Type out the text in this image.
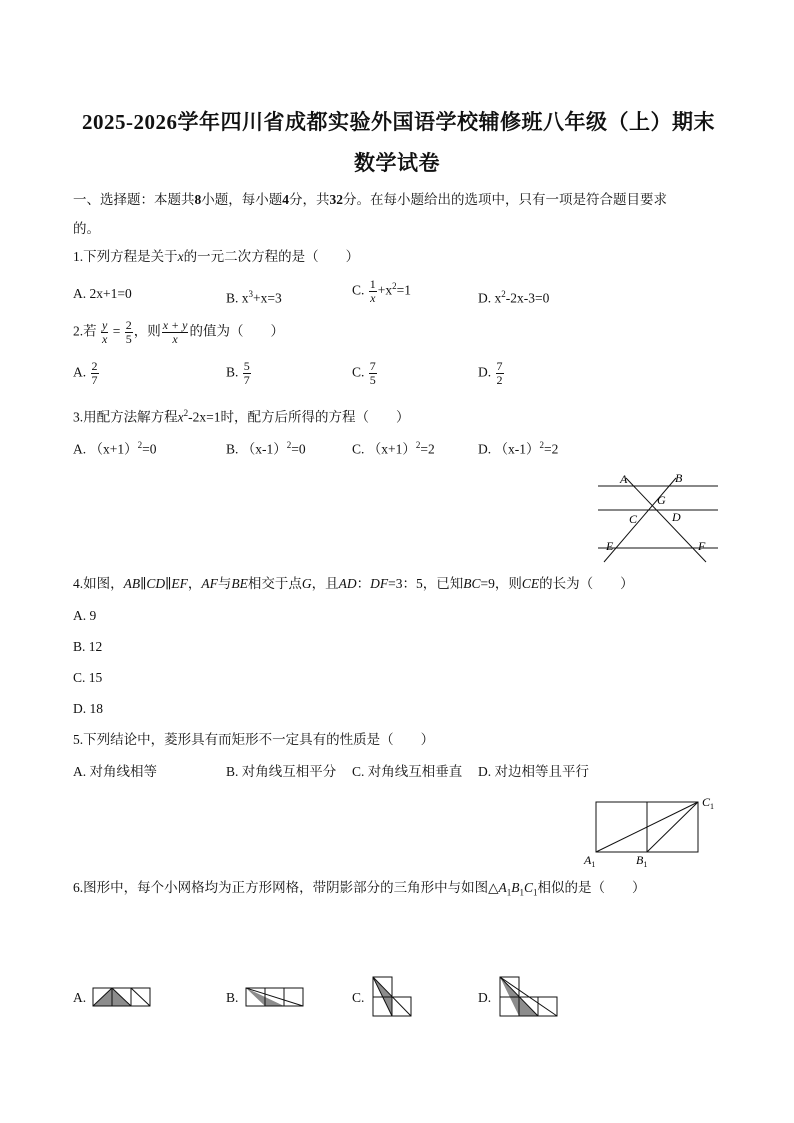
2025-2026学年四川省成都实验外国语学校辅修班八年级（上）期末
数学试卷
一、选择题：本题共8小题，每小题4分，共32分。在每小题给出的选项中，只有一项是符合题目要求
的。
1.下列方程是关于x的一元二次方程的是（　　）
A. 2x+1=0	B. $x^3+x=3$
C. $\frac{1}{x} +x^2=1$
D. $x^2-2x-3=0$
2.若 $\frac{y}{x} = \frac{2}{5}$ ，则 $\frac{x + y}{x}$ 的值为（　　）
A. $\frac{2}{7}$	B. $\frac{5}{7}$	C. $\frac{7}{5}$	D. $\frac{7}{2}$
3.用配方法解方程$x^2-2x=1$时，配方后所得的方程（　　）
A. $(x+1)^2=0$	B. $(x-1)^2=0$	C. $(x+1)^2=2$	D. $(x-1)^2=2$
A	B
G
C	D
E	F
4.如图，AB∥CD∥EF，AF与BE相交于点G，且AD：DF=3：5，已知BC=9，则CE的长为（　　）
A. 9
B. 12
C. 15
D. 18
5.下列结论中，菱形具有而矩形不一定具有的性质是（　　）
A. 对角线相等	B. 对角线互相平分 C. 对角线互相垂直 D. 对边相等且平行
$A_1$	$B_1$
$C_1$
6.图形中，每个小网格均为正方形网格，带阴影部分的三角形中与如图$\triangle A_1B_1C_1$相似的是（　　）
A.	B.	C.	D.
